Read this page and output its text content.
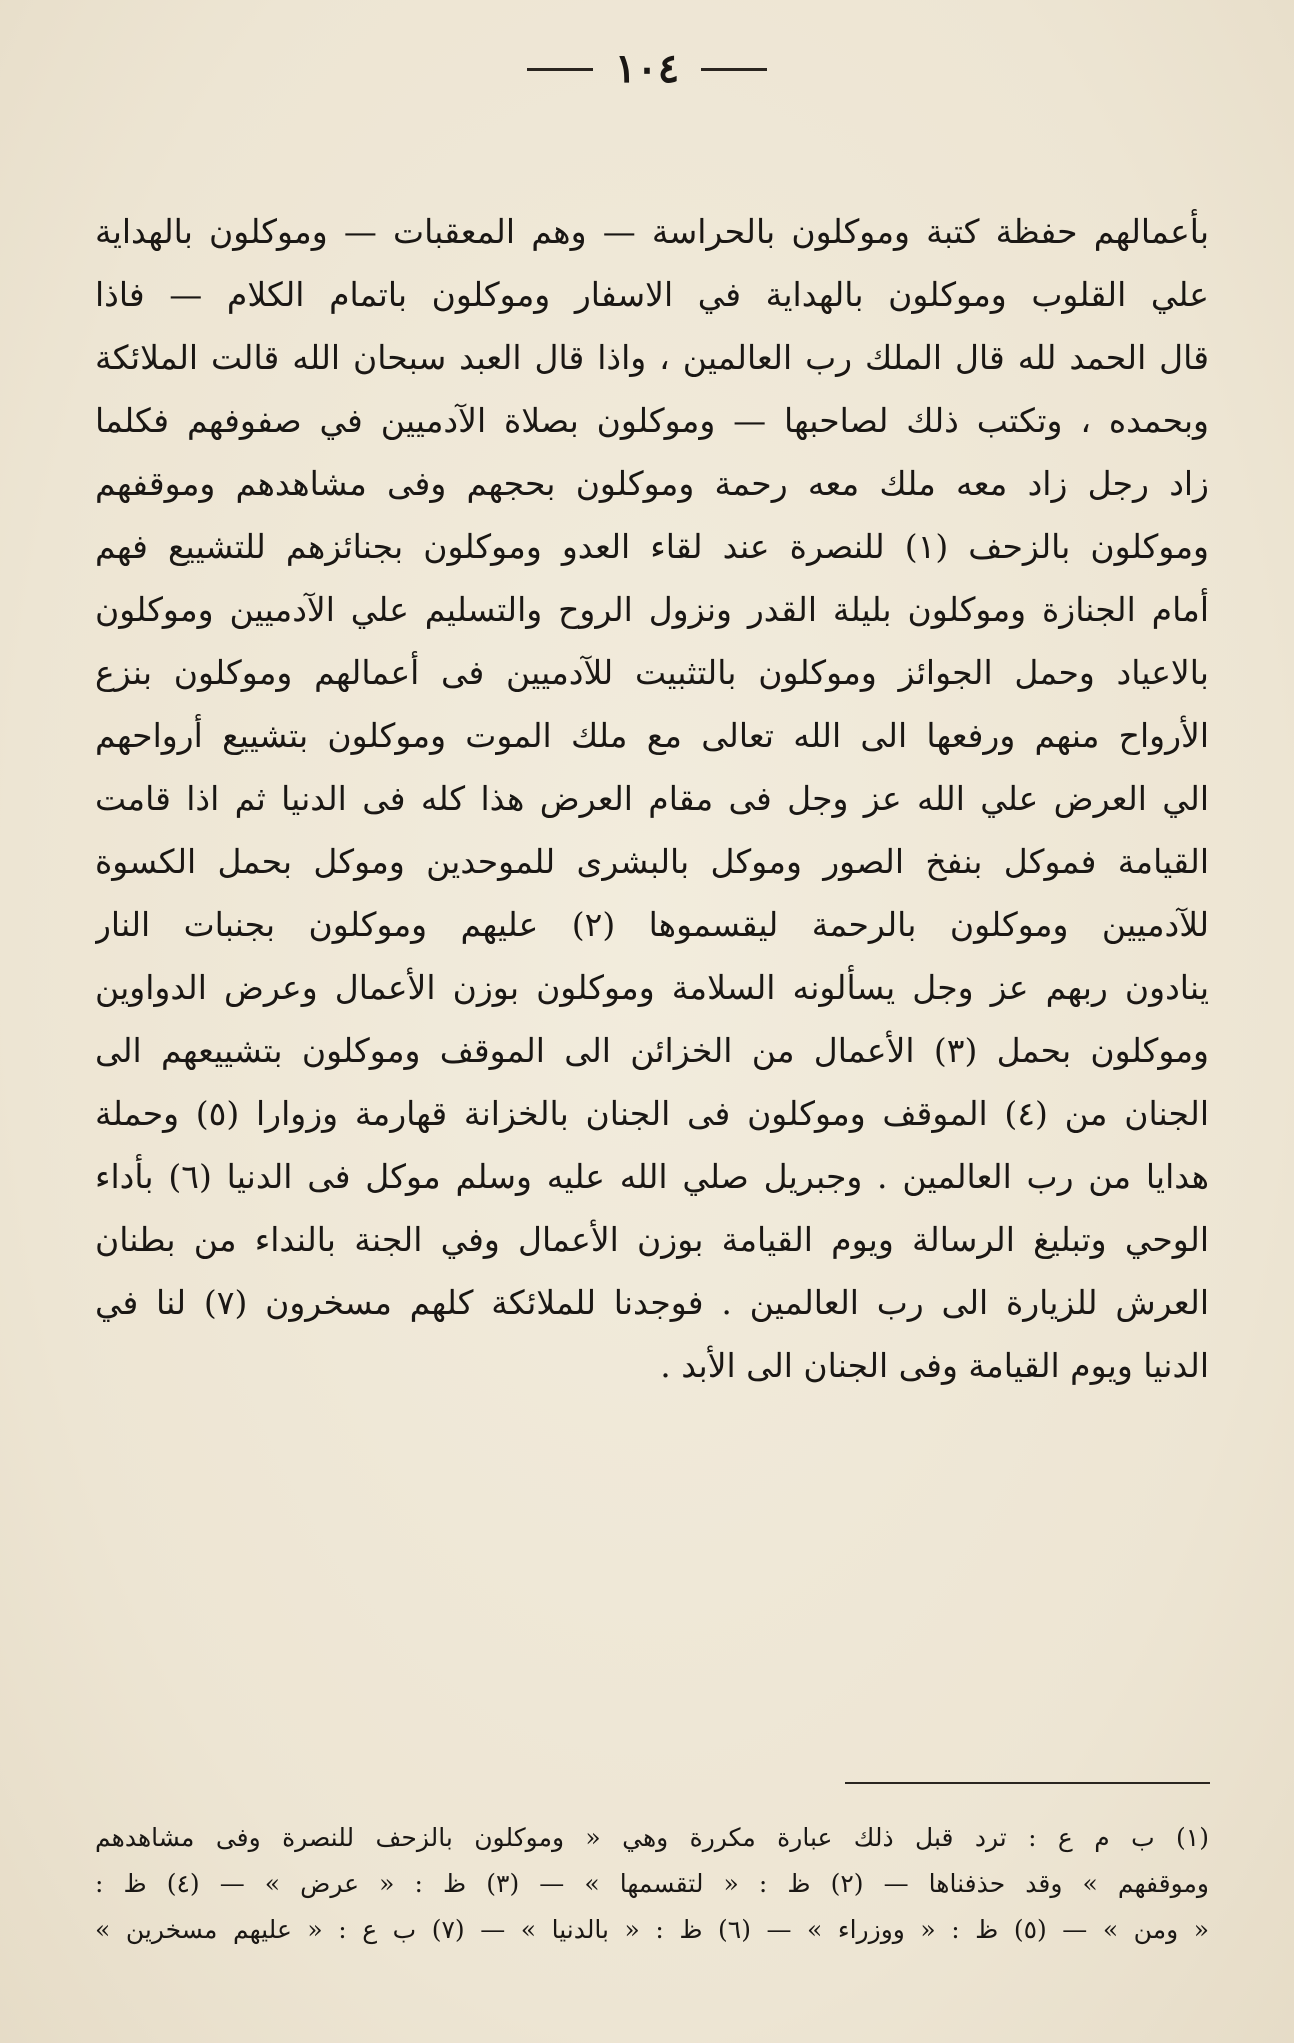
١٠٤
بأعمالهم حفظة كتبة وموكلون بالحراسة — وهم المعقبات — وموكلون بالهداية
علي القلوب وموكلون بالهداية في الاسفار وموكلون باتمام الكلام — فاذا
قال الحمد لله قال الملك رب العالمين ، واذا قال العبد سبحان الله قالت الملائكة
وبحمده ، وتكتب ذلك لصاحبها — وموكلون بصلاة الآدميين في صفوفهم فكلما
زاد رجل زاد معه ملك معه رحمة وموكلون بحجهم وفى مشاهدهم وموقفهم
وموكلون بالزحف (١) للنصرة عند لقاء العدو وموكلون بجنائزهم للتشييع فهم
أمام الجنازة وموكلون بليلة القدر ونزول الروح والتسليم علي الآدميين وموكلون
بالاعياد وحمل الجوائز وموكلون بالتثبيت للآدميين فى أعمالهم وموكلون بنزع
الأرواح منهم ورفعها الى الله تعالى مع ملك الموت وموكلون بتشييع أرواحهم
الي العرض علي الله عز وجل فى مقام العرض هذا كله فى الدنيا ثم اذا قامت
القيامة فموكل بنفخ الصور وموكل بالبشرى للموحدين وموكل بحمل الكسوة
للآدميين وموكلون بالرحمة ليقسموها (٢) عليهم وموكلون بجنبات النار
ينادون ربهم عز وجل يسألونه السلامة وموكلون بوزن الأعمال وعرض الدواوين
وموكلون بحمل (٣) الأعمال من الخزائن الى الموقف وموكلون بتشييعهم الى
الجنان من (٤) الموقف وموكلون فى الجنان بالخزانة قهارمة وزوارا (٥) وحملة
هدايا من رب العالمين . وجبريل صلي الله عليه وسلم موكل فى الدنيا (٦) بأداء
الوحي وتبليغ الرسالة ويوم القيامة بوزن الأعمال وفي الجنة بالنداء من بطنان
العرش للزيارة الى رب العالمين . فوجدنا للملائكة كلهم مسخرون (٧) لنا في
الدنيا ويوم القيامة وفى الجنان الى الأبد .
(١) ب م ع : ترد قبل ذلك عبارة مكررة وهي « وموكلون بالزحف للنصرة وفى مشاهدهم
وموقفهم » وقد حذفناها — (٢) ظ : « لتقسمها » — (٣) ظ : « عرض » — (٤) ظ :
« ومن » — (٥) ظ : « ووزراء » — (٦) ظ : « بالدنيا » — (٧) ب ع : « عليهم مسخرين »
